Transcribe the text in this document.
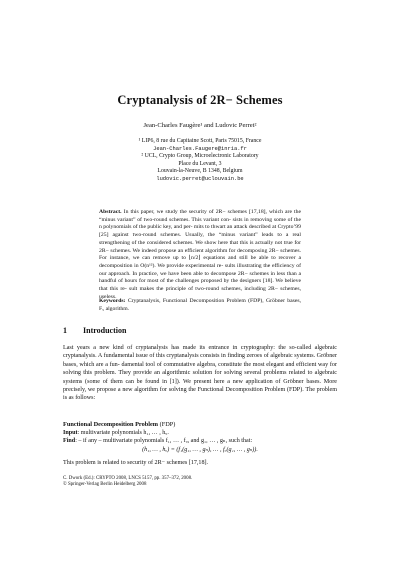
Cryptanalysis of 2R− Schemes
Jean-Charles Faugère¹ and Ludovic Perret²
¹ LIP6, 8 rue du Capitaine Scott, Paris 75015, France
Jean-Charles.Faugere@inria.fr
² UCL, Crypto Group, Microelectronic Laboratory
Place du Levant, 3
Louvain-la-Neuve, B 1348, Belgium
ludovic.perret@uclouvain.be
Abstract. In this paper, we study the security of 2R− schemes [17,18], which are the “minus variant” of two-round schemes. This variant con- sists in removing some of the n polynomials of the public key, and per- mits to thwart an attack described at Crypto’99 [25] against two-round schemes. Usually, the “minus variant” leads to a real strengthening of the considered schemes. We show here that this is actually not true for 2R− schemes. We indeed propose an efficient algorithm for decomposing 2R− schemes. For instance, we can remove up to ⌊n/2⌋ equations and still be able to recover a decomposition in O(n¹²). We provide experimental re- sults illustrating the efficiency of our approach. In practice, we have been able to decompose 2R− schemes in less than a handful of hours for most of the challenges proposed by the designers [18]. We believe that this re- sult makes the principle of two-round schemes, including 2R− schemes, useless.
Keywords: Cryptanalysis, Functional Decomposition Problem (FDP), Gröbner bases, F₅ algorithm.
1 Introduction

Last years a new kind of cryptanalysis has made its entrance in cryptography: the so-called algebraic cryptanalysis. A fundamental issue of this cryptanalysis consists in finding zeroes of algebraic systems. Gröbner bases, which are a fun- damental tool of commutative algebra, constitute the most elegant and efficient way for solving this problem. They provide an algorithmic solution for solving several problems related to algebraic systems (some of them can be found in [1]). We present here a new application of Gröbner bases. More precisely, we propose a new algorithm for solving the Functional Decomposition Problem (FDP). The problem is as follows:

Functional Decomposition Problem (FDP)
Input: multivariate polynomials h₁, … , hᵤ.
Find: – if any – multivariate polynomials f₁, … , fᵤ, and g₁, … , gₙ, such that:
(h₁, … , hᵤ) = (f₁(g₁, … , gₙ), … , fᵤ(g₁, … , gₙ)).
This problem is related to security of 2R− schemes [17,18].
C. Dwork (Ed.): CRYPTO 2008, LNCS 5157, pp. 357–372, 2008.
© Springer-Verlag Berlin Heidelberg 2008
